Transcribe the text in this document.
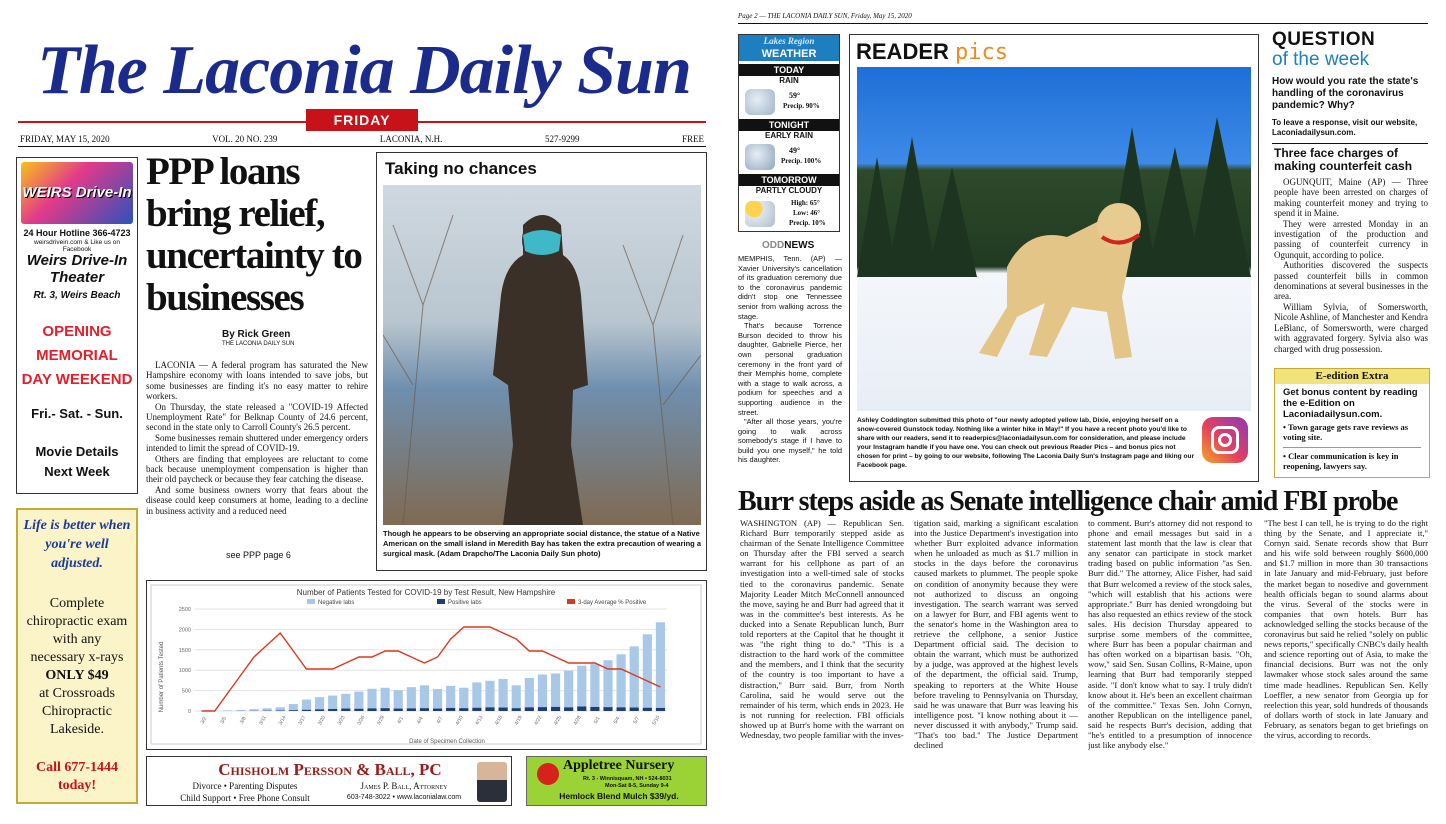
The Laconia Daily Sun
FRIDAY
FRIDAY, MAY 15, 2020	VOL. 20 NO. 239	LACONIA, N.H.	527-9299	FREE
WEIRS Drive-In
24 Hour Hotline 366-4723
weirsdrivein.com & Like us on Facebook
Weirs Drive-In Theater
Rt. 3, Weirs Beach
OPENING MEMORIAL DAY WEEKEND
Fri.- Sat. - Sun.
Movie Details Next Week
Life is better when you're well adjusted.
Complete chiropractic exam with any necessary x-rays
ONLY $49
at Crossroads Chiropractic Lakeside.
Call 677-1444 today!
PPP loans bring relief, uncertainty to businesses
By Rick Green
THE LACONIA DAILY SUN

LACONIA — A federal program has saturated the New Hampshire economy with loans intended to save jobs, but some businesses are finding it's no easy matter to rehire workers.

On Thursday, the state released a "COVID-19 Affected Unemployment Rate" for Belknap County of 24.6 percent, second in the state only to Carroll County's 26.5 percent.

Some businesses remain shuttered under emergency orders intended to limit the spread of COVID-19.

Others are finding that employees are reluctant to come back because unemployment compensation is higher than their old paycheck or because they fear catching the disease.

And some business owners worry that fears about the disease could keep consumers at home, leading to a decline in business activity and a reduced need

see PPP page 6
Taking no chances
Though he appears to be observing an appropriate social distance, the statue of a Native American on the small island in Meredith Bay has taken the extra precaution of wearing a surgical mask. (Adam Drapcho/The Laconia Daily Sun photo)
Number of Patients Tested for COVID-19 by Test Result, New Hampshire
Negative labs	Positive labs	3-day Average % Positive
2500
2000
1500
1000
500
0
3/2 3/5 3/8 3/11 3/14 3/17 3/20 3/23 3/26 3/29 4/1 4/4 4/7 4/10 4/13 4/16 4/19 4/22 4/25 4/28 5/1 5/4 5/7 5/10
Number of Patients Tested
Date of Specimen Collection
Chisholm Persson & Ball, PC
Divorce • Parenting Disputes
Child Support • Free Phone Consult
James P. Ball, Attorney
603-748-3022 • www.laconialaw.com
Appletree Nursery
Rt. 3 - Winnisquam, NH • 524-8031
Mon-Sat 8-5, Sunday 9-4
Hemlock Blend Mulch $39/yd.
Page 2 — THE LACONIA DAILY SUN, Friday, May 15, 2020
Lakes Region
WEATHER
TODAY
RAIN
59°
Precip. 90%
TONIGHT
EARLY RAIN
49°
Precip. 100%
TOMORROW
PARTLY CLOUDY
High: 65°
Low: 46°
Precip. 10%
ODDNEWS

MEMPHIS, Tenn. (AP) — Xavier University's cancellation of its graduation ceremony due to the coronavirus pandemic didn't stop one Tennessee senior from walking across the stage.

That's because Torrence Burson decided to throw his daughter, Gabrielle Pierce, her own personal graduation ceremony in the front yard of their Memphis home, complete with a stage to walk across, a podium for speeches and a supporting audience in the street.

"After all those years, you're going to walk across somebody's stage if I have to build you one myself," he told his daughter.

READER pics
Ashley Coddington submitted this photo of "our newly adopted yellow lab, Dixie, enjoying herself on a snow-covered Gunstock today. Nothing like a winter hike in May!" If you have a recent photo you'd like to share with our readers, send it to readerpics@laconiadailysun.com for consideration, and please include your Instagram handle if you have one. You can check out previous Reader Pics – and bonus pics not chosen for print – by going to our website, following The Laconia Daily Sun's Instagram page and liking our Facebook page.
QUESTION
of the week
How would you rate the state's handling of the coronavirus pandemic? Why?
To leave a response, visit our website, Laconiadailysun.com.
Three face charges of making counterfeit cash

OGUNQUIT, Maine (AP) — Three people have been arrested on charges of making counterfeit money and trying to spend it in Maine.

They were arrested Monday in an investigation of the production and passing of counterfeit currency in Ogunquit, according to police.

Authorities discovered the suspects passed counterfeit bills in common denominations at several businesses in the area.

William Sylvia, of Somersworth, Nicole Ashline, of Manchester and Kendra LeBlanc, of Somersworth, were charged with aggravated forgery. Sylvia also was charged with drug possession.

E-edition Extra
Get bonus content by reading the e-Edition on Laconiadailysun.com.
• Town garage gets rave reviews as voting site.
• Clear communication is key in reopening, lawyers say.
Burr steps aside as Senate intelligence chair amid FBI probe
WASHINGTON (AP) — Republican Sen. Richard Burr temporarily stepped aside as chairman of the Senate Intelligence Committee on Thursday after the FBI served a search warrant for his cellphone as part of an investigation into a well-timed sale of stocks tied to the coronavirus pandemic. Senate Majority Leader Mitch McConnell announced the move, saying he and Burr had agreed that it was in the committee's best interests. As he ducked into a Senate Republican lunch, Burr told reporters at the Capitol that he thought it was "the right thing to do." "This is a distraction to the hard work of the committee and the members, and I think that the security of the country is too important to have a distraction," Burr said. Burr, from North Carolina, said he would serve out the remainder of his term, which ends in 2023. He is not running for reelection. FBI officials showed up at Burr's home with the warrant on Wednesday, two people familiar with the inves-
tigation said, marking a significant escalation into the Justice Department's investigation into whether Burr exploited advance information when he unloaded as much as $1.7 million in stocks in the days before the coronavirus caused markets to plummet. The people spoke on condition of anonymity because they were not authorized to discuss an ongoing investigation. The search warrant was served on a lawyer for Burr, and FBI agents went to the senator's home in the Washington area to retrieve the cellphone, a senior Justice Department official said. The decision to obtain the warrant, which must be authorized by a judge, was approved at the highest levels of the department, the official said. Trump, speaking to reporters at the White House before traveling to Pennsylvania on Thursday, said he was unaware that Burr was leaving his intelligence post. "I know nothing about it — never discussed it with anybody," Trump said. "That's too bad." The Justice Department declined
to comment. Burr's attorney did not respond to phone and email messages but said in a statement last month that the law is clear that any senator can participate in stock market trading based on public information "as Sen. Burr did." The attorney, Alice Fisher, had said that Burr welcomed a review of the stock sales, "which will establish that his actions were appropriate." Burr has denied wrongdoing but has also requested an ethics review of the stock sales. His decision Thursday appeared to surprise some members of the committee, where Burr has been a popular chairman and has often worked on a bipartisan basis. "Oh, wow," said Sen. Susan Collins, R-Maine, upon learning that Burr had temporarily stepped aside. "I don't know what to say. I truly didn't know about it. He's been an excellent chairman of the committee." Texas Sen. John Cornyn, another Republican on the intelligence panel, said he respects Burr's decision, adding that "he's entitled to a presumption of innocence just like anybody else."
"The best I can tell, he is trying to do the right thing by the Senate, and I appreciate it," Cornyn said. Senate records show that Burr and his wife sold between roughly $600,000 and $1.7 million in more than 30 transactions in late January and mid-February, just before the market began to nosedive and government health officials began to sound alarms about the virus. Several of the stocks were in companies that own hotels. Burr has acknowledged selling the stocks because of the coronavirus but said he relied "solely on public news reports," specifically CNBC's daily health and science reporting out of Asia, to make the financial decisions. Burr was not the only lawmaker whose stock sales around the same time made headlines. Republican Sen. Kelly Loeffler, a new senator from Georgia up for reelection this year, sold hundreds of thousands of dollars worth of stock in late January and February, as senators began to get briefings on the virus, according to records.
